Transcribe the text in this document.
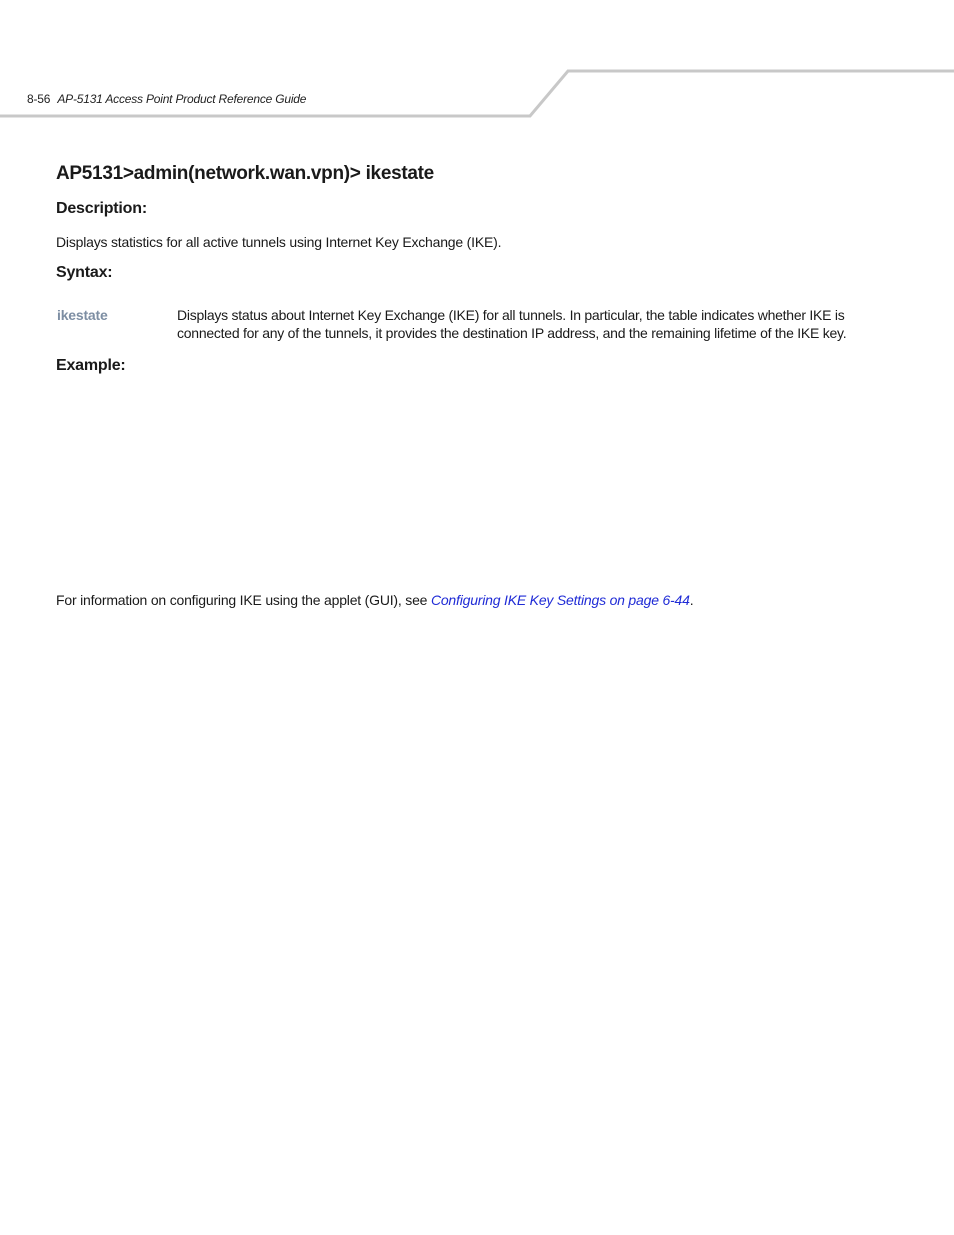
8-56 AP-5131 Access Point Product Reference Guide
AP5131>admin(network.wan.vpn)> ikestate
Description:

Displays statistics for all active tunnels using Internet Key Exchange (IKE).

Syntax:
ikestate	Displays status about Internet Key Exchange (IKE) for all tunnels. In particular, the table indicates whether IKE is connected for any of the tunnels, it provides the destination IP address, and the remaining lifetime of the IKE key.

Example:

For information on configuring IKE using the applet (GUI), see Configuring IKE Key Settings on page 6-44.
